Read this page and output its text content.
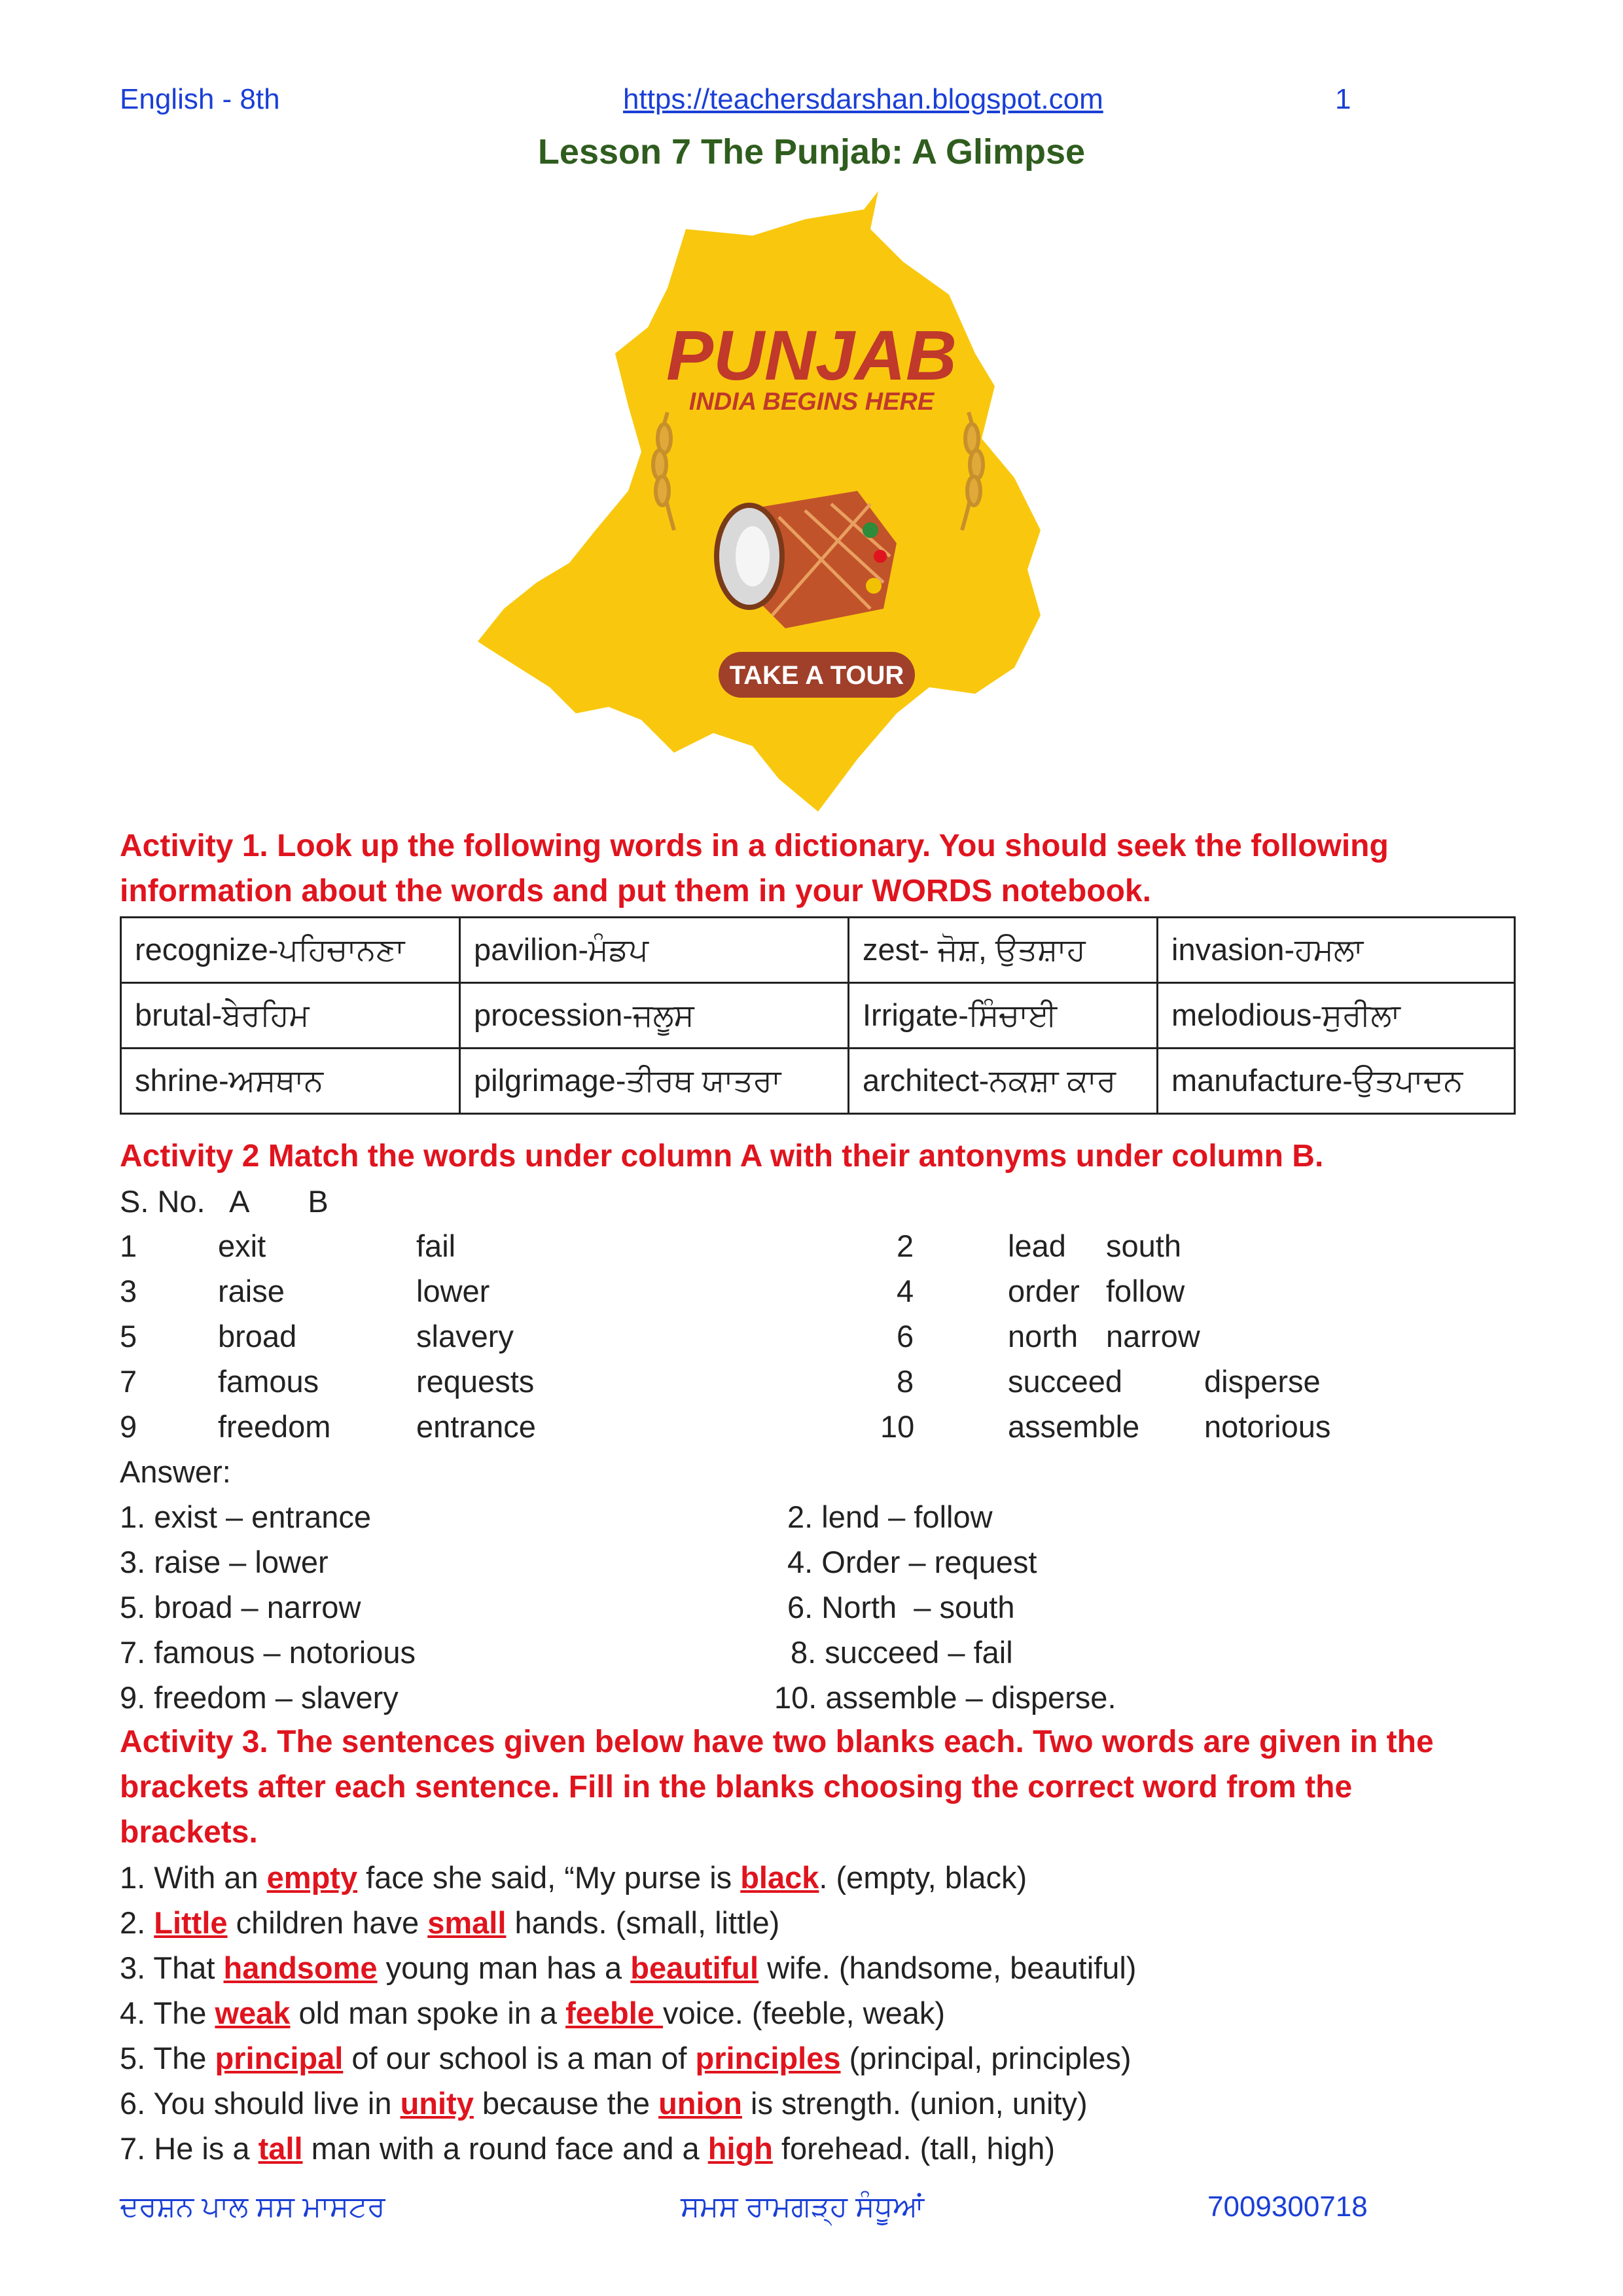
English - 8th	https://teachersdarshan.blogspot.com	1
Lesson 7 The Punjab: A Glimpse
PUNJAB
INDIA BEGINS HERE
TAKE A TOUR
Activity 1. Look up the following words in a dictionary. You should seek the following
information about the words and put them in your WORDS notebook.
recognize-ਪਹਿਚਾਨਣਾ	pavilion-ਮੰਡਪ	zest- ਜੋਸ਼, ਉਤਸ਼ਾਹ	invasion-ਹਮਲਾ
brutal-ਬੇਰਹਿਮ	procession-ਜਲੂਸ	Irrigate-ਸਿੰਚਾਈ	melodious-ਸੁਰੀਲਾ
shrine-ਅਸਥਾਨ	pilgrimage-ਤੀਰਥ ਯਾਤਰਾ	architect-ਨਕਸ਼ਾ ਕਾਰ	manufacture-ਉਤਪਾਦਨ
Activity 2 Match the words under column A with their antonyms under column B.
S. No.   A       B
1	exit	fail
3	raise	lower
5	broad	slavery
7	famous	requests
9	freedom	entrance
2	lead south
4	order follow
6	north narrow
8	succeed	disperse
10	assemble notorious
Answer:
1. exist – entrance
3. raise – lower
5. broad – narrow
7. famous – notorious
9. freedom – slavery
2. lend – follow
4. Order – request
6. North  – south
8. succeed – fail
10. assemble – disperse.
Activity 3. The sentences given below have two blanks each. Two words are given in the
brackets after each sentence. Fill in the blanks choosing the correct word from the
brackets.
1. With an empty face she said, “My purse is black. (empty, black)
2. Little children have small hands. (small, little)
3. That handsome young man has a beautiful wife. (handsome, beautiful)
4. The weak old man spoke in a feeble voice. (feeble, weak)
5. The principal of our school is a man of principles (principal, principles)
6. You should live in unity because the union is strength. (union, unity)
7. He is a tall man with a round face and a high forehead. (tall, high)
ਦਰਸ਼ਨ ਪਾਲ ਸਸ ਮਾਸਟਰ	ਸਮਸ ਰਾਮਗੜ੍ਹ ਸੰਧੂਆਂ	7009300718
